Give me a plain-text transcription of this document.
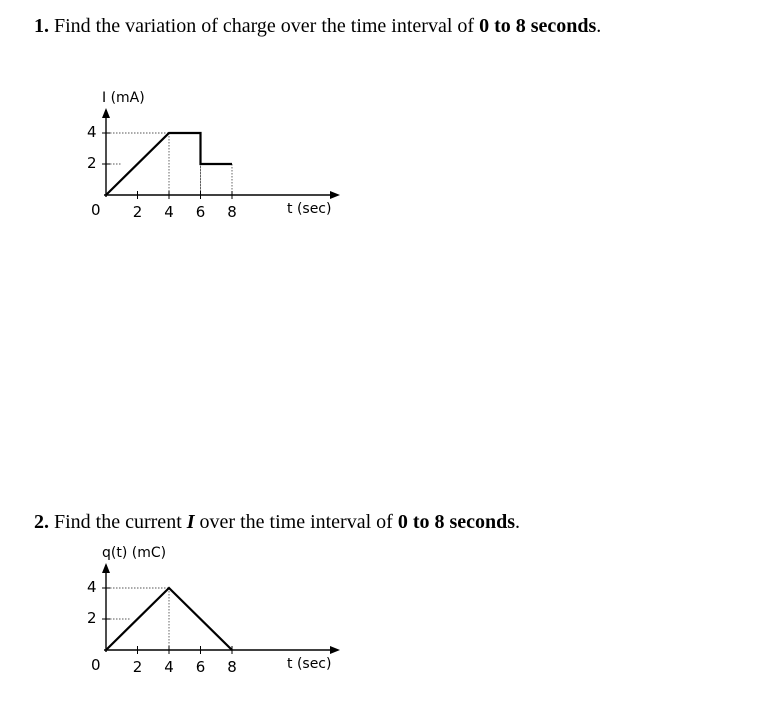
1. Find the variation of charge over the time interval of 0 to 8 seconds.
I (mA)
t (sec)
0 2 4 6 8
2
4
2. Find the current I over the time interval of 0 to 8 seconds.
q(t) (mC)
t (sec)
0 2 4 6 8
2
4
